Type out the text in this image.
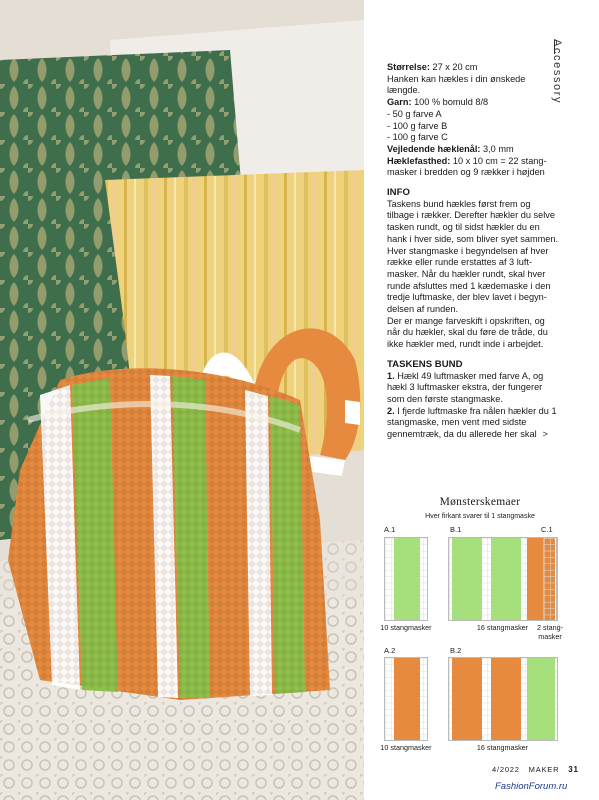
Accessory

Størrelse: 27 x 20 cm

Hanken kan hækles i din ønskede længde.

Garn: 100 % bomuld 8/8

- 50 g farve A

- 100 g farve B

- 100 g farve C

Vejledende hæklenål: 3,0 mm

Hæklefasthed: 10 x 10 cm = 22 stang-masker i bredden og 9 rækker i højden

INFO

Taskens bund hækles først frem og tilbage i rækker. Derefter hækler du selve tasken rundt, og til sidst hækler du en hank i hver side, som bliver syet sammen.

Hver stangmaske i begyndelsen af hver række eller runde erstattes af 3 luft-masker. Når du hækler rundt, skal hver runde afsluttes med 1 kædemaske i den tredje luftmaske, der blev lavet i begyn-delsen af runden.

Der er mange farveskift i opskriften, og når du hækler, skal du føre de tråde, du ikke hækler med, rundt inde i arbejdet.

TASKENS BUND

1. Hækl 49 luftmasker med farve A, og hækl 3 luftmasker ekstra, der fungerer som den første stangmaske.

2. I fjerde luftmaske fra nålen hækler du 1 stangmaske, men vent med sidste gennemtræk, da du allerede her skal >

Mønsterskemaer
Hver firkant svarer til 1 stangmaske
A.1
10 stangmasker
B.1
16 stangmasker
C.1
2 stang-
masker
A.2
10 stangmasker
B.2
16 stangmasker
4/2022 MAKER 31
FashionForum.ru
